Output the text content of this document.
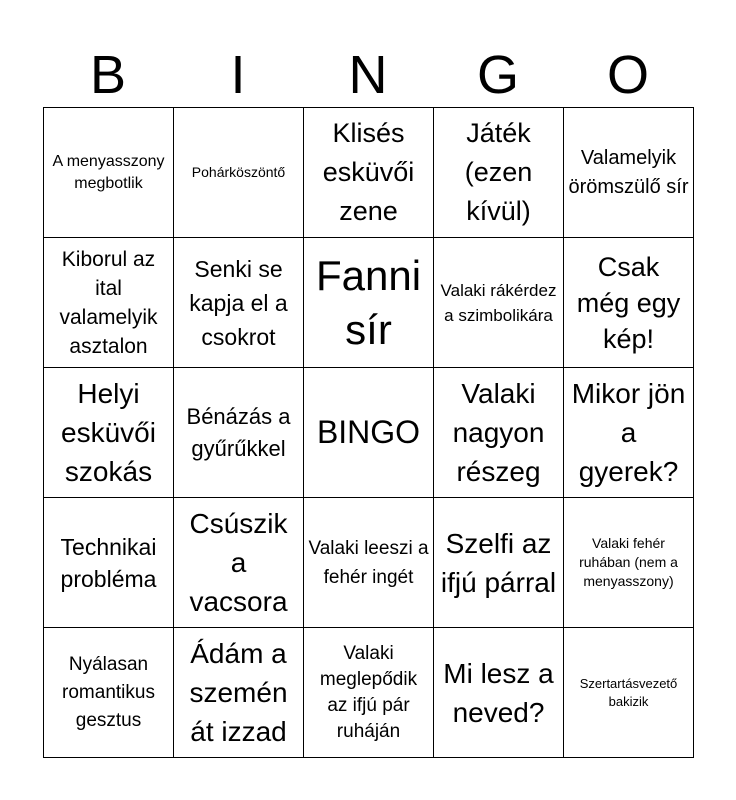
B	I	N	G	O
A menyasszony megbotlik	Pohárköszöntő	Klisés esküvői zene	Játék (ezen kívül)	Valamelyik örömszülő sír

Kiborul az ital valamelyik asztalon	Senki se kapja el a csokrot	Fanni sír	Valaki rákérdez a szimbolikára	Csak még egy kép!

Helyi esküvői szokás	Bénázás a gyűrűkkel	BINGO	Valaki nagyon részeg	Mikor jön a gyerek?

Technikai probléma	Csúszik a vacsora	Valaki leeszi a fehér ingét	Szelfi az ifjú párral	Valaki fehér ruhában (nem a menyasszony)

Nyálasan romantikus gesztus	Ádám a szemén át izzad	Valaki meglepődik az ifjú pár ruháján	Mi lesz a neved?	Szertartásvezető bakizik
